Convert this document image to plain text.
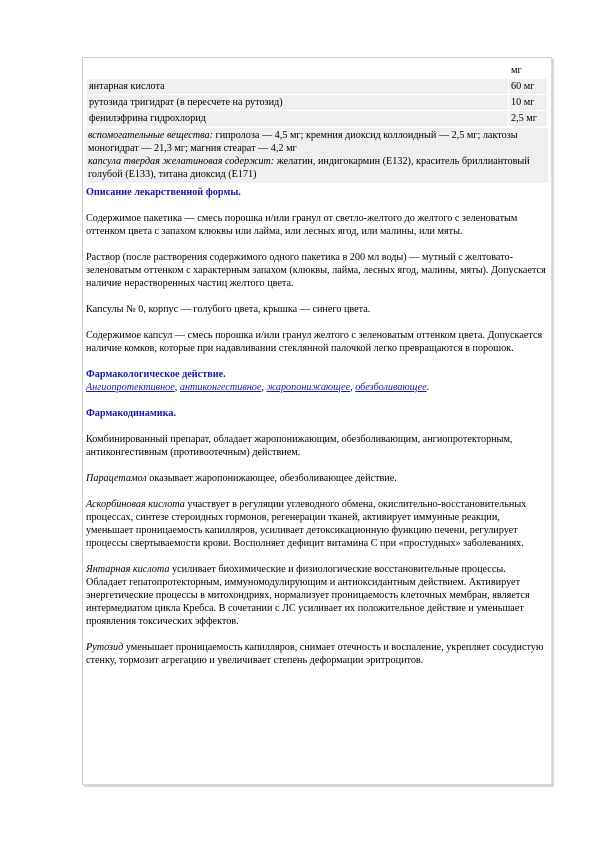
	мг
янтарная кислота	60 мг
рутозида тригидрат (в пересчете на рутозид)	10 мг
фенилэфрина гидрохлорид	2,5 мг
вспомогательные вещества: гипролоза — 4,5 мг; кремния диоксид коллоидный — 2,5 мг; лактозы моногидрат — 21,3 мг; магния стеарат — 4,2 мг
капсула твердая желатиновая содержит: желатин, индигокармин (E132), краситель бриллиантовый голубой (E133), титана диоксид (E171)

Описание лекарственной формы.

Содержимое пакетика — смесь порошка и/или гранул от светло-желтого до желтого с зеленоватым оттенком цвета с запахом клюквы или лайма, или лесных ягод, или малины, или мяты.

Раствор (после растворения содержимого одного пакетика в 200 мл воды) — мутный с желтовато-зеленоватым оттенком с характерным запахом (клюквы, лайма, лесных ягод, малины, мяты). Допускается наличие нерастворенных частиц желтого цвета.

Капсулы № 0, корпус — голубого цвета, крышка — синего цвета.

Содержимое капсул — смесь порошка и/или гранул желтого с зеленоватым оттенком цвета. Допускается наличие комков, которые при надавливании стеклянной палочкой легко превращаются в порошок.

Фармакологическое действие.

Ангиопротективное, антиконгестивное, жаропонижающее, обезболивающее.

Фармакодинамика.

Комбинированный препарат, обладает жаропонижающим, обезболивающим, ангиопротекторным, антиконгестивным (противоотечным) действием.

Парацетамол оказывает жаропонижающее, обезболивающее действие.

Аскорбиновая кислота участвует в регуляции углеводного обмена, окислительно-восстановительных процессах, синтезе стероидных гормонов, регенерации тканей, активирует иммунные реакции, уменьшает проницаемость капилляров, усиливает детоксикационную функцию печени, регулирует процессы свертываемости крови. Восполняет дефицит витамина С при «простудных» заболеваниях.

Янтарная кислота усиливает биохимические и физиологические восстановительные процессы. Обладает гепатопротекторным, иммуномодулирующим и антиоксидантным действием. Активирует энергетические процессы в митохондриях, нормализует проницаемость клеточных мембран, является интермедиатом цикла Кребса. В сочетании с ЛС усиливает их положительное действие и уменьшает проявления токсических эффектов.

Рутозид уменьшает проницаемость капилляров, снимает отечность и воспаление, укрепляет сосудистую стенку, тормозит агрегацию и увеличивает степень деформации эритроцитов.
